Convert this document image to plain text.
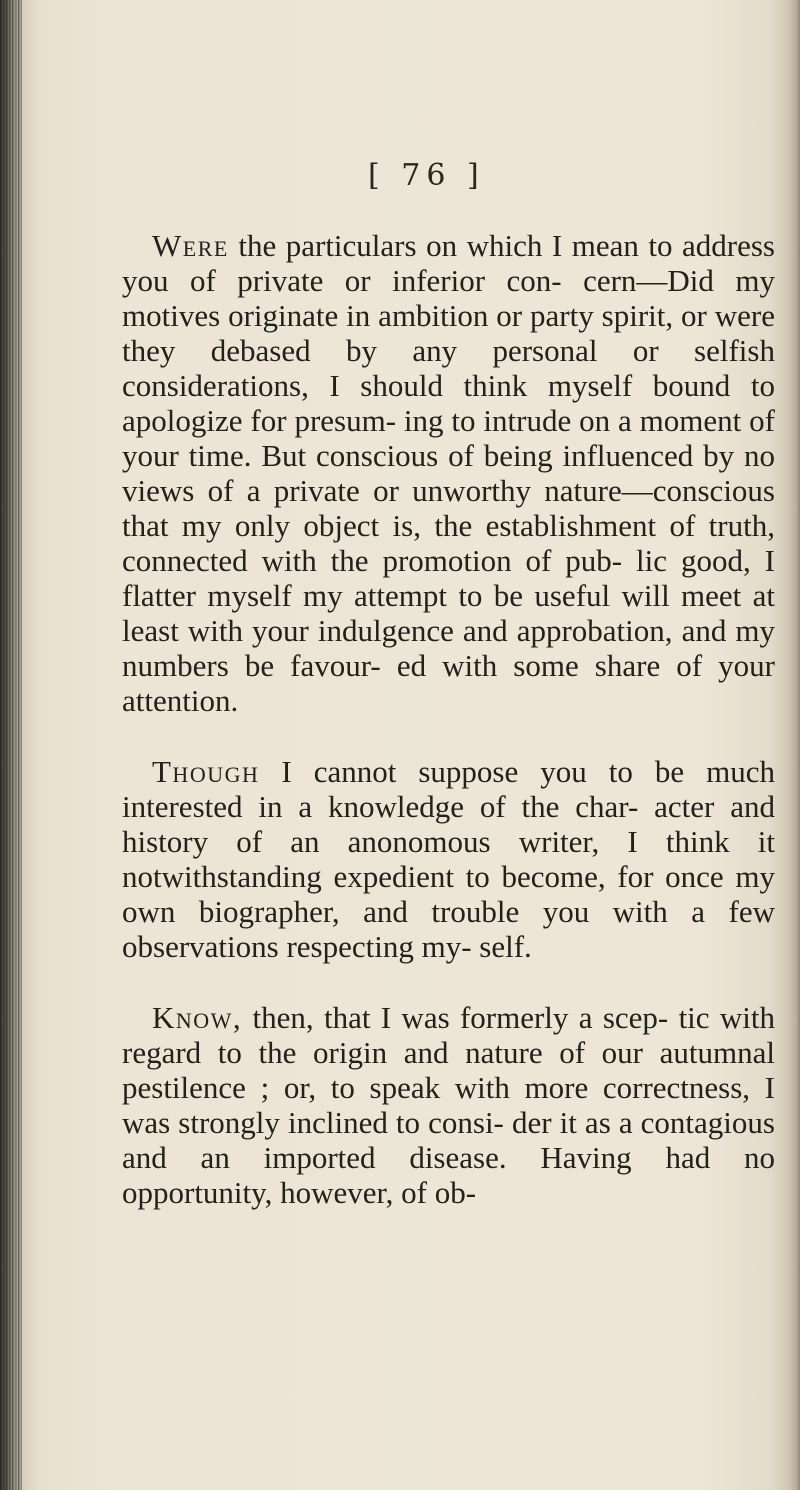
[ 76 ]

Were the particulars on which I mean to address you of private or inferior con- cern—Did my motives originate in ambition or party spirit, or were they debased by any personal or selfish considerations, I should think myself bound to apologize for presum- ing to intrude on a moment of your time. But conscious of being influenced by no views of a private or unworthy nature—conscious that my only object is, the establishment of truth, connected with the promotion of pub- lic good, I flatter myself my attempt to be useful will meet at least with your indulgence and approbation, and my numbers be favour- ed with some share of your attention.

Though I cannot suppose you to be much interested in a knowledge of the char- acter and history of an anonomous writer, I think it notwithstanding expedient to become, for once my own biographer, and trouble you with a few observations respecting my- self.

Know, then, that I was formerly a scep- tic with regard to the origin and nature of our autumnal pestilence ; or, to speak with more correctness, I was strongly inclined to consi- der it as a contagious and an imported disease. Having had no opportunity, however, of ob-
